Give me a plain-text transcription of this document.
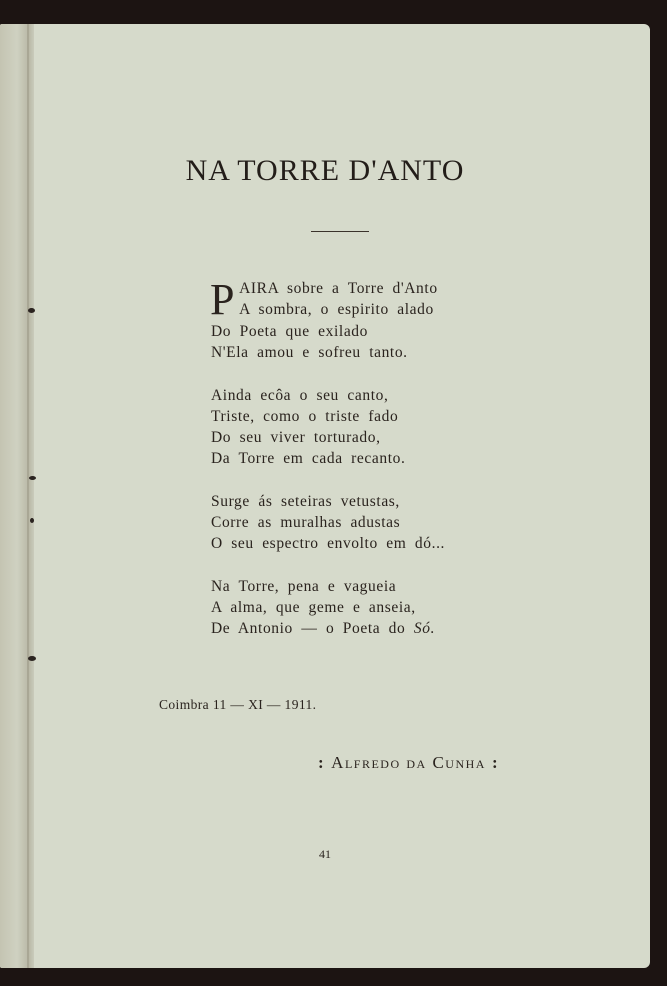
NA TORRE D'ANTO
PAIRA sobre a Torre d'Anto
A sombra, o espirito alado
Do Poeta que exilado
N'Ela amou e sofreu tanto.
Ainda ecôa o seu canto,
Triste, como o triste fado
Do seu viver torturado,
Da Torre em cada recanto.
Surge ás seteiras vetustas,
Corre as muralhas adustas
O seu espectro envolto em dó...
Na Torre, pena e vagueia
A alma, que geme e anseia,
De Antonio — o Poeta do Só.
Coimbra 11 — XI — 1911.
: Alfredo da Cunha :
41
